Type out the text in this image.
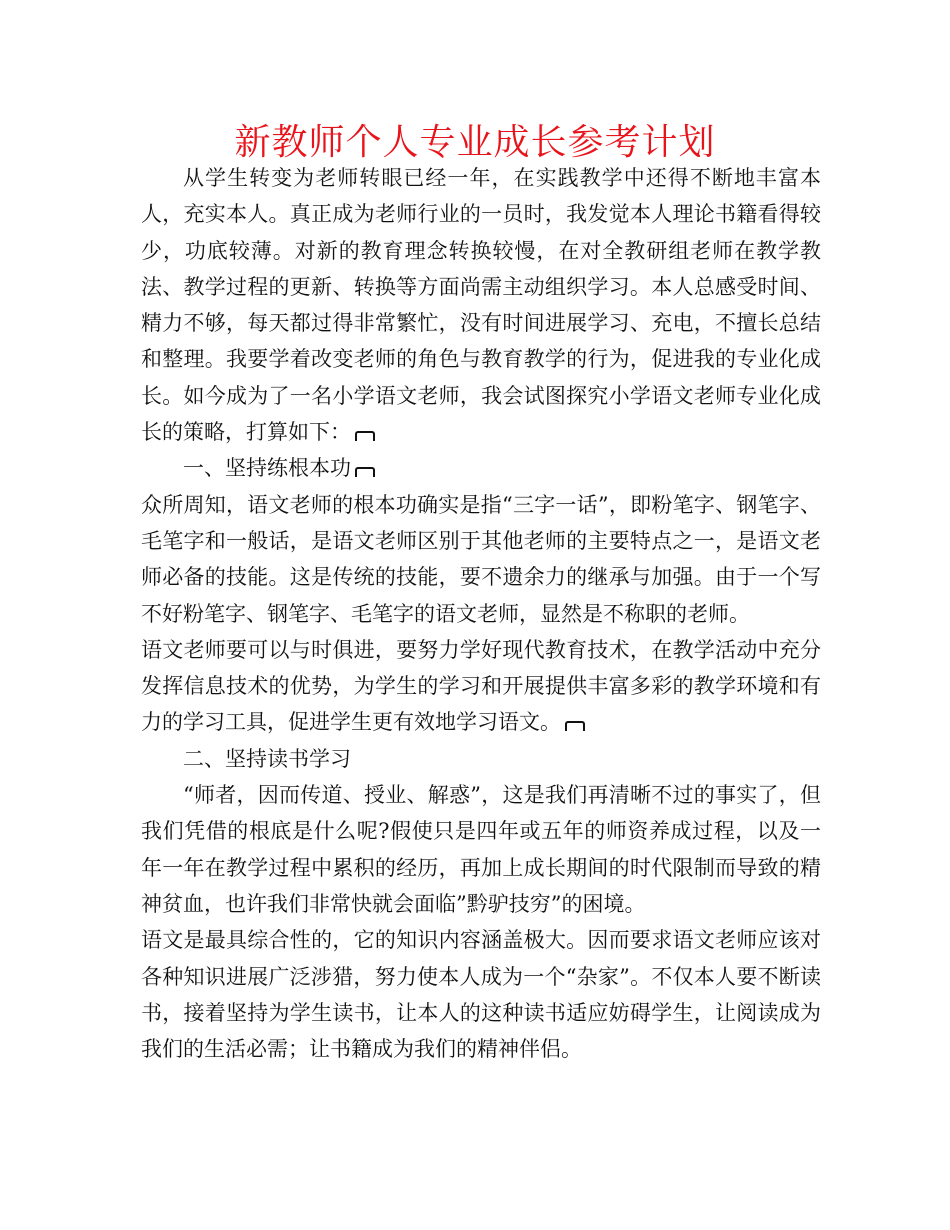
新教师个人专业成长参考计划

从学生转变为老师转眼已经一年，在实践教学中还得不断地丰富本人，充实本人。真正成为老师行业的一员时，我发觉本人理论书籍看得较少，功底较薄。对新的教育理念转换较慢，在对全教研组老师在教学教法、教学过程的更新、转换等方面尚需主动组织学习。本人总感受时间、精力不够，每天都过得非常繁忙，没有时间进展学习、充电，不擅长总结和整理。我要学着改变老师的角色与教育教学的行为，促进我的专业化成长。如今成为了一名小学语文老师，我会试图探究小学语文老师专业化成长的策略，打算如下：

一、坚持练根本功

众所周知，语文老师的根本功确实是指“三字一话”，即粉笔字、钢笔字、毛笔字和一般话，是语文老师区别于其他老师的主要特点之一，是语文老师必备的技能。这是传统的技能，要不遗余力的继承与加强。由于一个写不好粉笔字、钢笔字、毛笔字的语文老师，显然是不称职的老师。

语文老师要可以与时俱进，要努力学好现代教育技术，在教学活动中充分发挥信息技术的优势，为学生的学习和开展提供丰富多彩的教学环境和有力的学习工具，促进学生更有效地学习语文。

二、坚持读书学习

“师者，因而传道、授业、解惑”，这是我们再清晰不过的事实了，但我们凭借的根底是什么呢?假使只是四年或五年的师资养成过程，以及一年一年在教学过程中累积的经历，再加上成长期间的时代限制而导致的精神贫血，也许我们非常快就会面临”黔驴技穷”的困境。

语文是最具综合性的，它的知识内容涵盖极大。因而要求语文老师应该对各种知识进展广泛涉猎，努力使本人成为一个“杂家”。不仅本人要不断读书，接着坚持为学生读书，让本人的这种读书适应妨碍学生，让阅读成为我们的生活必需；让书籍成为我们的精神伴侣。
